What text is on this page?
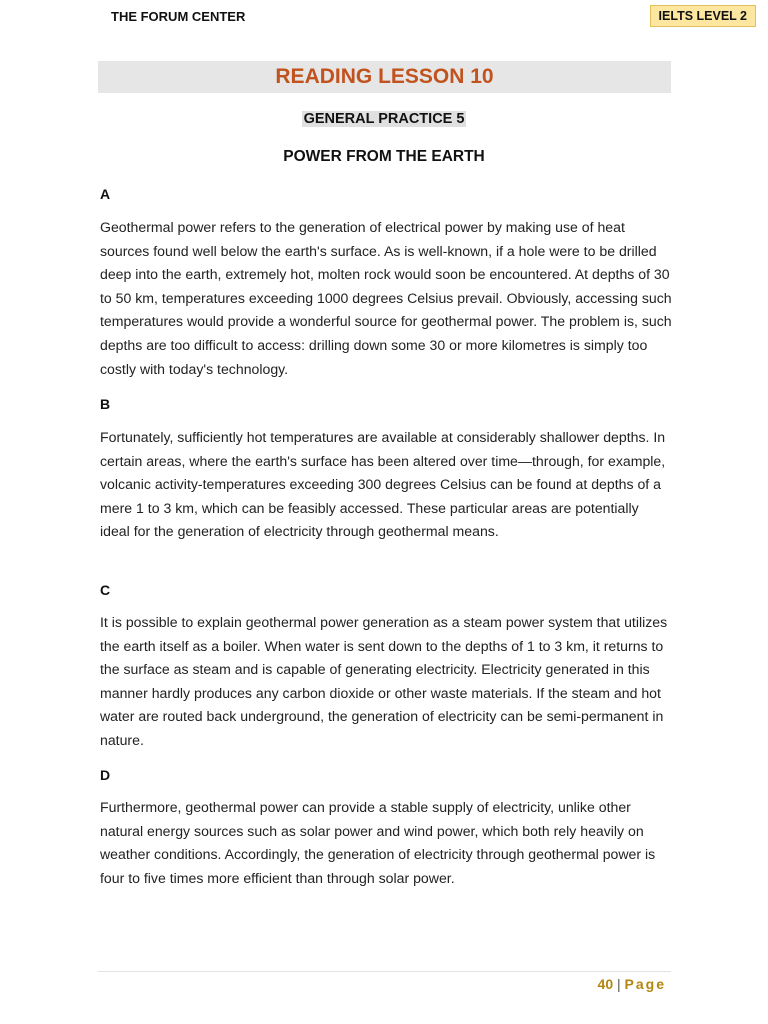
THE FORUM CENTER	IELTS LEVEL 2
READING LESSON 10
GENERAL PRACTICE 5
POWER FROM THE EARTH
A

Geothermal power refers to the generation of electrical power by making use of heat sources found well below the earth's surface. As is well-known, if a hole were to be drilled deep into the earth, extremely hot, molten rock would soon be encountered. At depths of 30 to 50 km, temperatures exceeding 1000 degrees Celsius prevail. Obviously, accessing such temperatures would provide a wonderful source for geothermal power. The problem is, such depths are too difficult to access: drilling down some 30 or more kilometres is simply too costly with today's technology.

B

Fortunately, sufficiently hot temperatures are available at considerably shallower depths. In certain areas, where the earth's surface has been altered over time—through, for example, volcanic activity-temperatures exceeding 300 degrees Celsius can be found at depths of a mere 1 to 3 km, which can be feasibly accessed. These particular areas are potentially ideal for the generation of electricity through geothermal means.

C

It is possible to explain geothermal power generation as a steam power system that utilizes the earth itself as a boiler. When water is sent down to the depths of 1 to 3 km, it returns to the surface as steam and is capable of generating electricity. Electricity generated in this manner hardly produces any carbon dioxide or other waste materials. If the steam and hot water are routed back underground, the generation of electricity can be semi-permanent in nature.

D

Furthermore, geothermal power can provide a stable supply of electricity, unlike other natural energy sources such as solar power and wind power, which both rely heavily on weather conditions. Accordingly, the generation of electricity through geothermal power is four to five times more efficient than through solar power.

40 | Page
